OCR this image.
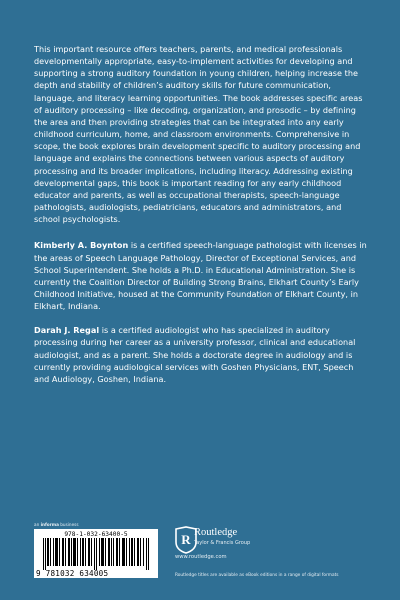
This important resource offers teachers, parents, and medical professionals developmentally appropriate, easy-to-implement activities for developing and supporting a strong auditory foundation in young children, helping increase the depth and stability of children’s auditory skills for future communication, language, and literacy learning opportunities. The book addresses specific areas of auditory processing – like decoding, organization, and prosodic – by defining the area and then providing strategies that can be integrated into any early childhood curriculum, home, and classroom environments. Comprehensive in scope, the book explores brain development specific to auditory processing and language and explains the connections between various aspects of auditory processing and its broader implications, including literacy. Addressing existing developmental gaps, this book is important reading for any early childhood educator and parents, as well as occupational therapists, speech-language pathologists, audiologists, pediatricians, educators and administrators, and school psychologists.

Kimberly A. Boynton is a certified speech-language pathologist with licenses in the areas of Speech Language Pathology, Director of Exceptional Services, and School Superintendent. She holds a Ph.D. in Educational Administration. She is currently the Coalition Director of Building Strong Brains, Elkhart County’s Early Childhood Initiative, housed at the Community Foundation of Elkhart County, in Elkhart, Indiana.

Darah J. Regal is a certified audiologist who has specialized in auditory processing during her career as a university professor, clinical and educational audiologist, and as a parent. She holds a doctorate degree in audiology and is currently providing audiological services with Goshen Physicians, ENT, Speech and Audiology, Goshen, Indiana.

an informa business
978-1-032-63400-5
9 781032 634005
R Routledge
Taylor & Francis Group
www.routledge.com
Routledge titles are available as eBook editions in a range of digital formats
